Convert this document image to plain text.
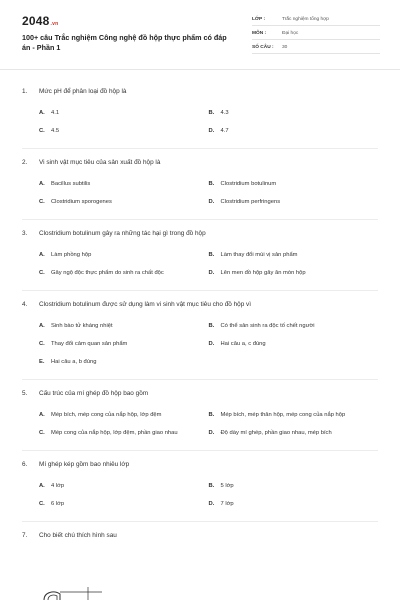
2048.vn
100+ câu Trắc nghiệm Công nghệ đồ hộp thực phẩm có đáp án - Phần 1
LỚP :	Trắc nghiệm tổng hợp
MÔN :	Đại học
SỐ CÂU :	30
1.	Mức pH để phân loại đồ hộp là
A.	4.1	B.	4.3
C.	4.5	D.	4.7
2.	Vi sinh vật mục tiêu của sản xuất đồ hộp là
A.	Bacillus subtilis	B.	Clostridium botulinum
C.	Clostridium sporogenes	D.	Clostridium perfringens
3.	Clostridium botulinum gây ra những tác hại gì trong đồ hộp
A.	Làm phồng hộp	B.	Làm thay đổi mùi vị sản phẩm
C.	Gây ngộ độc thực phẩm do sinh ra chất độc	D.	Lên men đồ hộp gây ăn mòn hộp
4.	Clostridium botulinum được sử dụng làm vi sinh vật mục tiêu cho đồ hộp vì
A.	Sinh bào tử kháng nhiệt	B.	Có thể sản sinh ra độc tố chết người
C.	Thay đổi cảm quan sản phẩm	D.	Hai câu a, c đúng
E.	Hai câu a, b đúng
5.	Cấu trúc của mí ghép đồ hộp bao gồm
A.	Mép bích, mép cong của nắp hộp, lớp đệm	B.	Mép bích, mép thân hộp, mép cong của nắp hộp
C.	Mép cong của nắp hộp, lớp đệm, phần giao nhau	D.	Độ dày mí ghép, phần giao nhau, mép bích
6.	Mí ghép kép gồm bao nhiêu lớp
A.	4 lớp	B.	5 lớp
C.	6 lớp	D.	7 lớp
7.	Cho biết chú thích hình sau
